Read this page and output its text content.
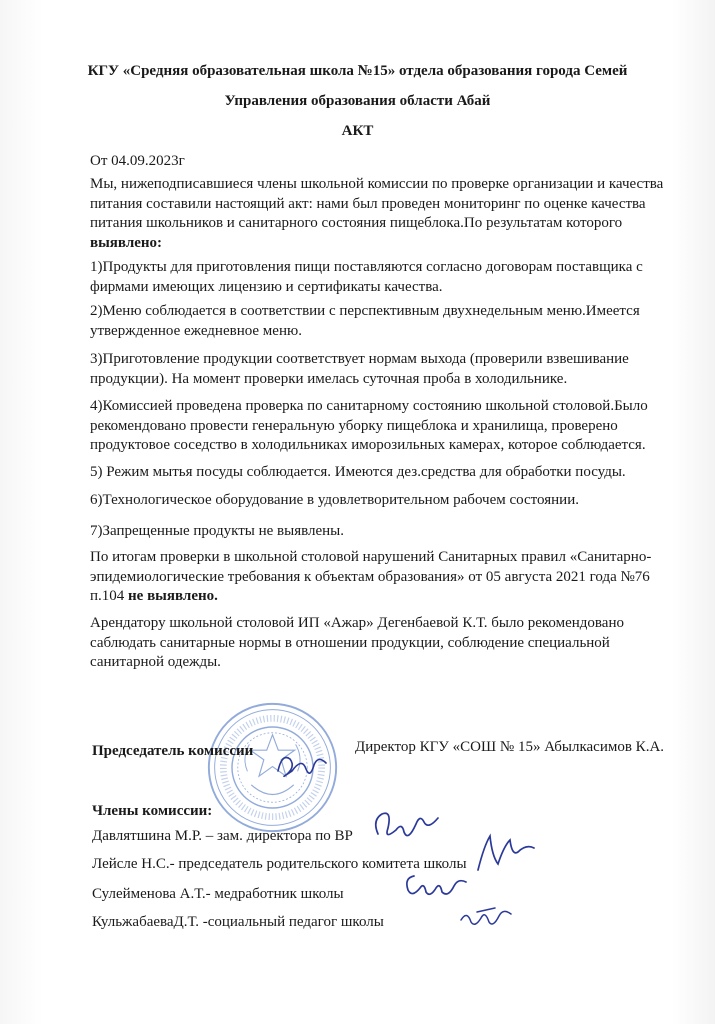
КГУ «Средняя образовательная школа №15» отдела образования города Семей
Управления образования области Абай
АКТ
От 04.09.2023г
Мы, нижеподписавшиеся члены школьной комиссии по проверке организации и качества питания составили настоящий акт: нами был проведен мониторинг по оценке качества питания школьников и санитарного состояния пищеблока.По результатам которого выявлено:
1)Продукты для приготовления пищи поставляются согласно договорам поставщика с фирмами имеющих лицензию и сертификаты качества.
2)Меню соблюдается в соответствии с перспективным двухнедельным меню.Имеется утвержденное ежедневное меню.
3)Приготовление продукции соответствует нормам выхода (проверили взвешивание продукции). На момент проверки имелась суточная проба в холодильнике.
4)Комиссией проведена проверка по санитарному состоянию школьной столовой.Было рекомендовано провести генеральную уборку пищеблока и хранилища, проверено продуктовое соседство в холодильниках иморозильных камерах, которое соблюдается.
5) Режим мытья посуды соблюдается. Имеются дез.средства для обработки посуды.
6)Технологическое оборудование в удовлетворительном рабочем состоянии.
7)Запрещенные продукты не выявлены.
По итогам проверки в школьной столовой нарушений Санитарных правил «Санитарно-эпидемиологические требования к объектам образования» от 05 августа 2021 года №76 п.104 не выявлено.
Арендатору школьной столовой ИП «Ажар» Дегенбаевой К.Т. было рекомендовано саблюдать санитарные нормы в отношении продукции, соблюдение специальной санитарной одежды.
Председатель комиссии	Директор КГУ «СОШ № 15» Абылкасимов К.А.
Члены комиссии:
Давлятшина М.Р. – зам. директора по ВР
Лейсле Н.С.- председатель родительского комитета школы
Сулейменова А.Т.- медработник школы
КульжабаеваД.Т. -социальный педагог школы
